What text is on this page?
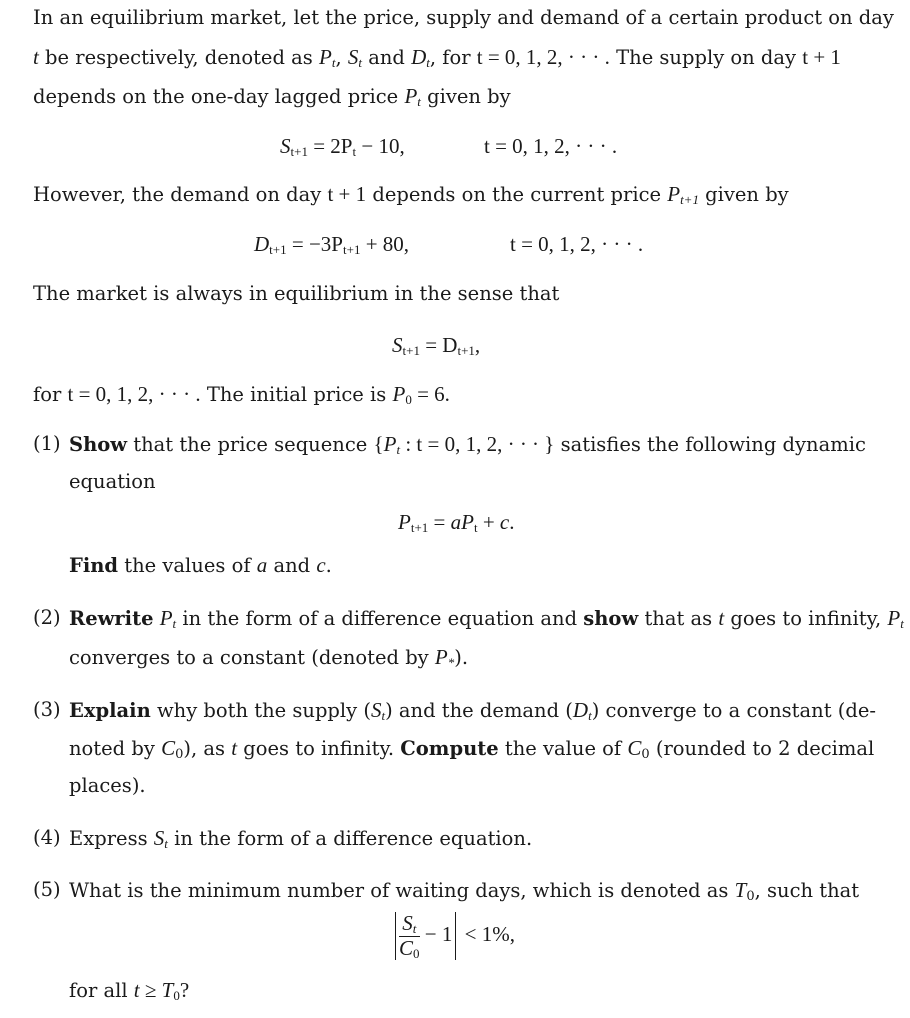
In an equilibrium market, let the price, supply and demand of a certain product on day
t be respectively, denoted as $P_t$, $S_t$ and $D_t$, for t = 0, 1, 2, · · · . The supply on day t + 1
depends on the one-day lagged price $P_t$ given by
$S_{t+1} = 2P_t - 10$,	t = 0, 1, 2, · · · .
However, the demand on day t + 1 depends on the current price $P_{t+1}$ given by
$D_{t+1} = -3P_{t+1} + 80$,	t = 0, 1, 2, · · · .
The market is always in equilibrium in the sense that
$S_{t+1} = D_{t+1}$,
for t = 0, 1, 2, · · · . The initial price is $P_0 = 6$.
(1) Show that the price sequence {$P_t$ : t = 0, 1, 2, · · · } satisfies the following dynamic
equation
$P_{t+1} = aP_t + c$.
Find the values of a and c.
(2) Rewrite $P_t$ in the form of a difference equation and show that as t goes to infinity, $P_t$
converges to a constant (denoted by $P_*$).
(3) Explain why both the supply $(S_t)$ and the demand $(D_t)$ converge to a constant (de-
noted by $C_0$), as t goes to infinity. Compute the value of $C_0$ (rounded to 2 decimal
places).
(4) Express $S_t$ in the form of a difference equation.
(5) What is the minimum number of waiting days, which is denoted as $T_0$, such that
$\frac{S_t}{C_0} - 1 < 1\%$,
for all $t \ge T_0$?
